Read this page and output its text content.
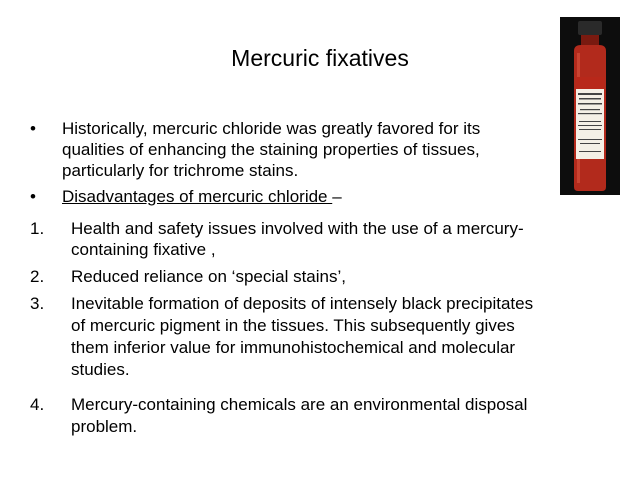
Mercuric fixatives
• Historically, mercuric chloride was greatly favored for its
qualities of enhancing the staining properties of tissues,
particularly for trichrome stains.
• Disadvantages of mercuric chloride –
1. Health and safety issues involved with the use of a mercury-
containing fixative ,
2. Reduced reliance on ‘special stains’,
3. Inevitable formation of deposits of intensely black precipitates
of mercuric pigment in the tissues. This subsequently gives
them inferior value for immunohistochemical and molecular
studies.
4. Mercury-containing chemicals are an environmental disposal
problem.
